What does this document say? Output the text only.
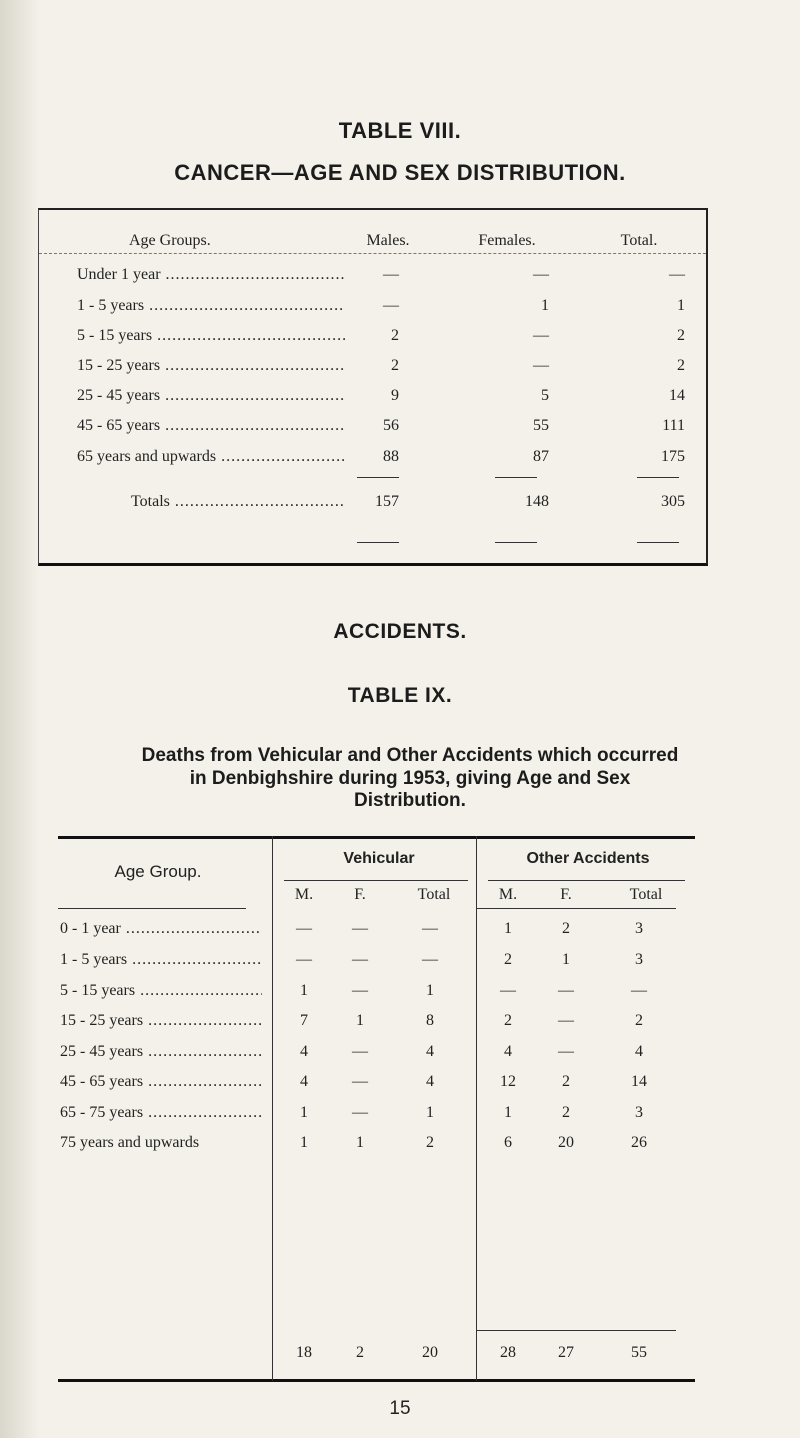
TABLE VIII.
CANCER—AGE AND SEX DISTRIBUTION.
Age Groups.	Males.	Females.	Total.
Under 1 year .....	—	—	—
1 - 5 years .....	—	1	1
5 - 15 years .....	2	—	2
15 - 25 years .....	2	—	2
25 - 45 years .....	9	5	14
45 - 65 years .....	56	55	111
65 years and upwards .....	88	87	175
Totals .....	157	148	305
ACCIDENTS.
TABLE IX.
Deaths from Vehicular and Other Accidents which occurred
in Denbighshire during 1953, giving Age and Sex
Distribution.
Vehicular	Other Accidents
Age Group.
M.	F.	Total	M.	F.	Total
0 - 1 year .....	—	—	—	1	2	3
1 - 5 years .....	—	—	—	2	1	3
5 - 15 years .....	1	—	1	—	—	—
15 - 25 years .....	7	1	8	2	—	2
25 - 45 years .....	4	—	4	4	—	4
45 - 65 years .....	4	—	4	12	2	14
65 - 75 years .....	1	—	1	1	2	3
75 years and upwards	1	1	2	6	20	26
18	2	20	28	27	55
15
